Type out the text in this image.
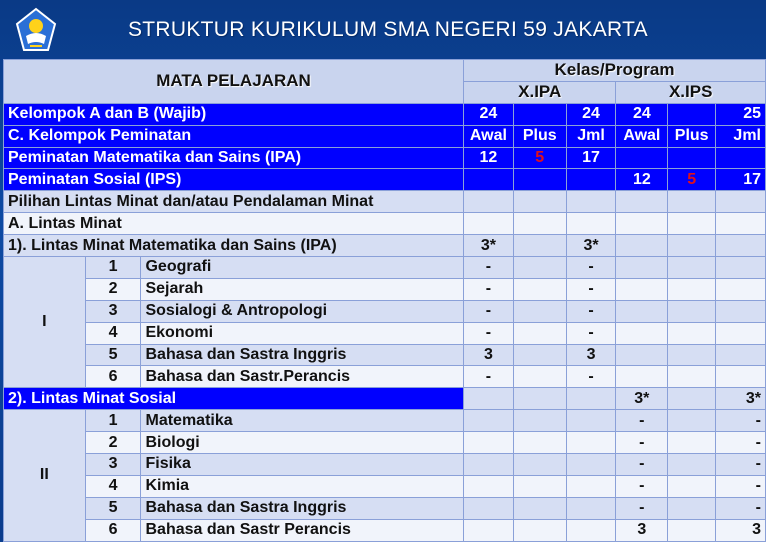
STRUKTUR KURIKULUM SMA NEGERI 59 JAKARTA
MATA PELAJARAN			Kelas/Program					
			X.IPA			X.IPS		
Kelompok A dan B (Wajib)			24		24	24		25
C. Kelompok Peminatan			Awal	Plus	Jml	Awal	Plus	Jml
Peminatan Matematika dan Sains (IPA)			12	5	17			
Peminatan Sosial (IPS)						12	5	17
Pilihan Lintas Minat dan/atau Pendalaman Minat								
A. Lintas Minat								
1). Lintas Minat Matematika dan Sains (IPA)			3*		3*			
I	1	Geografi	-		-			
	2	Sejarah	-		-			
	3	Sosialogi & Antropologi	-		-			
	4	Ekonomi	-		-			
	5	Bahasa dan Sastra Inggris	3		3			
	6	Bahasa dan Sastr.Perancis	-		-			
2). Lintas Minat Sosial						3*		3*
II	1	Matematika				-		-
	2	Biologi				-		-
	3	Fisika				-		-
	4	Kimia				-		-
	5	Bahasa dan Sastra Inggris				-		-
	6	Bahasa dan Sastr Perancis				3		3
